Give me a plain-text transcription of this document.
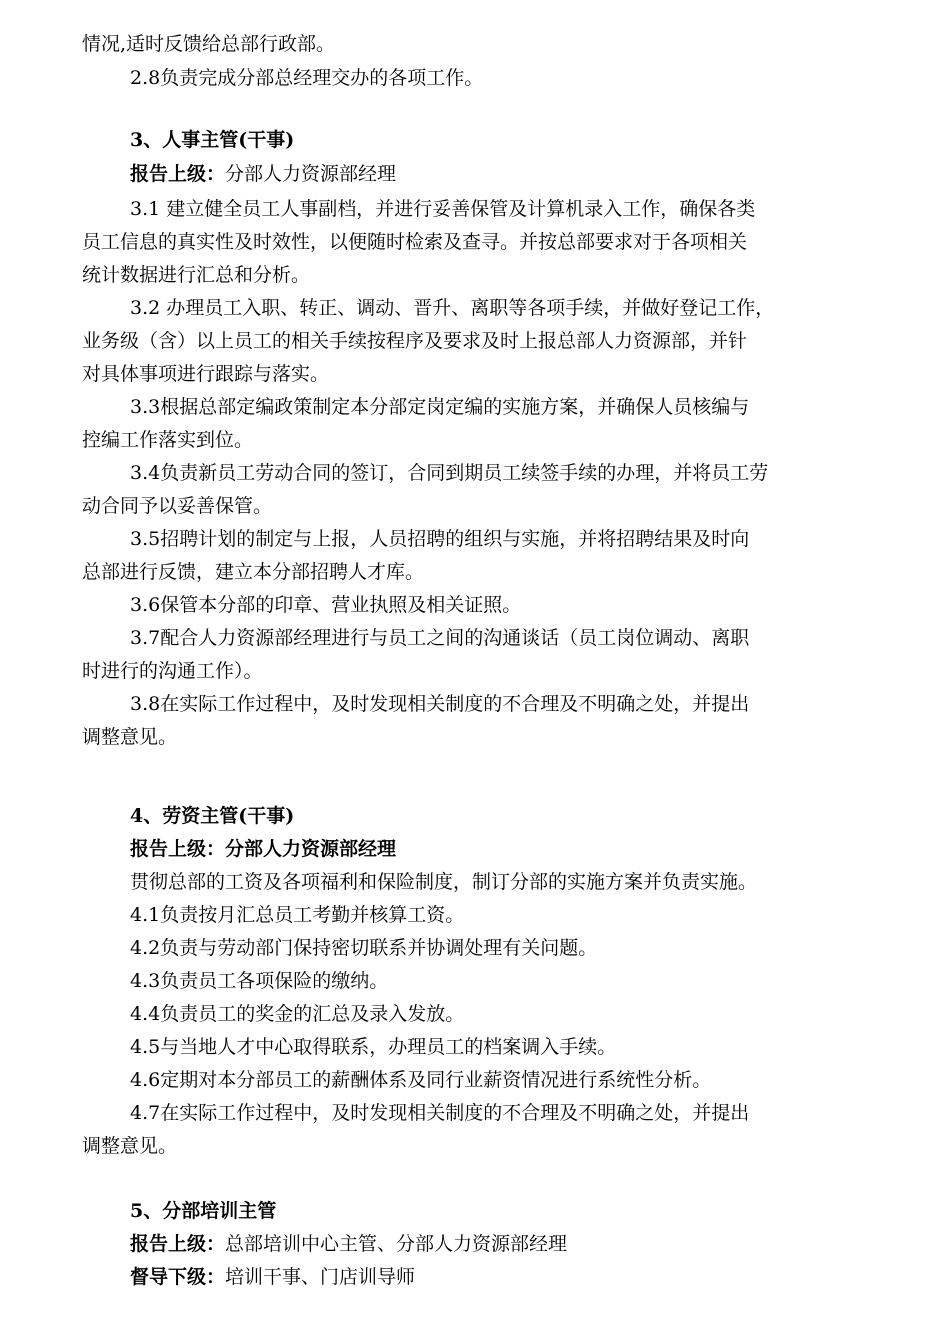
情况,适时反馈给总部行政部。
2.8负责完成分部总经理交办的各项工作。
3、人事主管(干事)
报告上级：分部人力资源部经理
3.1 建立健全员工人事副档，并进行妥善保管及计算机录入工作，确保各类
员工信息的真实性及时效性，以便随时检索及查寻。并按总部要求对于各项相关
统计数据进行汇总和分析。
3.2 办理员工入职、转正、调动、晋升、离职等各项手续，并做好登记工作，
业务级（含）以上员工的相关手续按程序及要求及时上报总部人力资源部，并针
对具体事项进行跟踪与落实。
3.3根据总部定编政策制定本分部定岗定编的实施方案，并确保人员核编与
控编工作落实到位。
3.4负责新员工劳动合同的签订，合同到期员工续签手续的办理，并将员工劳
动合同予以妥善保管。
3.5招聘计划的制定与上报，人员招聘的组织与实施，并将招聘结果及时向
总部进行反馈，建立本分部招聘人才库。
3.6保管本分部的印章、营业执照及相关证照。
3.7配合人力资源部经理进行与员工之间的沟通谈话（员工岗位调动、离职
时进行的沟通工作）。
3.8在实际工作过程中，及时发现相关制度的不合理及不明确之处，并提出
调整意见。
4、劳资主管(干事)
报告上级：分部人力资源部经理
贯彻总部的工资及各项福利和保险制度，制订分部的实施方案并负责实施。
4.1负责按月汇总员工考勤并核算工资。
4.2负责与劳动部门保持密切联系并协调处理有关问题。
4.3负责员工各项保险的缴纳。
4.4负责员工的奖金的汇总及录入发放。
4.5与当地人才中心取得联系，办理员工的档案调入手续。
4.6定期对本分部员工的薪酬体系及同行业薪资情况进行系统性分析。
4.7在实际工作过程中，及时发现相关制度的不合理及不明确之处，并提出
调整意见。
5、分部培训主管
报告上级：总部培训中心主管、分部人力资源部经理
督导下级：培训干事、门店训导师
